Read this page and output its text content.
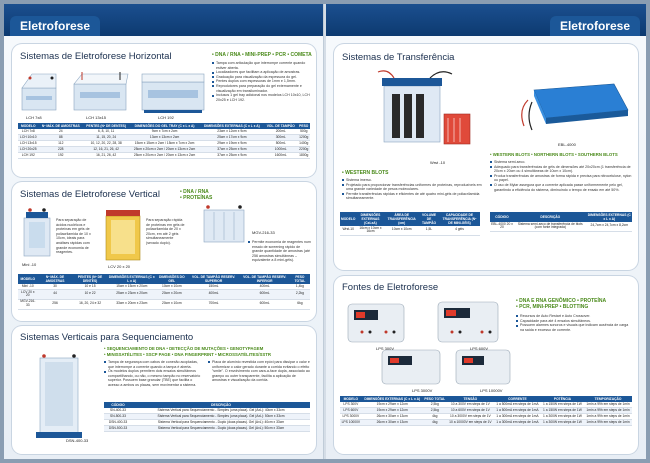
Eletroforese
Sistemas de Eletroforese Horizontal	• DNA / RNA • MINI-PREP • PCR • COMETA
Tampa com articulação que interrompe corrente quando estiver aberta.
Localizadores que facilitam a aplicação de amostras.
Graduação para visualização da espessura do gel.
Pentes duplos com espessuras de 1mm e 1,5mm.
Reprodutores para preparação do gel externamente e visualização em transiluminador.
Inclusos 1 gel tray adicional nos modelos LCH 10x10, LCH 20x25 e LCH 192.
LCH 7x8	LCH 13x15	LCH 192
MODELO	Nº MÁX. DE AMOSTRAS	PENTES (Nº DE DENTES)	DIMENSÕES DO GEL TRAY (C x L x A)	DIMENSÕES EXTERNAS (C x L x A)	VOL. DE TAMPÃO	PESO
LCH 7x8	24	6, 8, 10, 11	9cm x 7cm x 2cm	23cm x 12cm x 9cm	200mL	500g
LCH 10x10	88	11, 15, 20, 24	13cm x 13cm x 2cm	25cm x 17cm x 9cm	300mL	1200g
LCH 13x15	112	10, 12, 20, 22, 28, 38	15cm x 15cm x 2cm / 15cm x 7cm x 2cm	29cm x 19cm x 9cm	500mL	1400g
LCH 20x25	228	12, 16, 21, 26, 42	25cm x 20cm x 2cm / 20cm x 13cm x 2cm	37cm x 25cm x 9cm	1000mL	2200g
LCH 192	192	16, 21, 26, 42	25cm x 20cm x 2cm / 20cm x 13cm x 2cm	37cm x 25cm x 9cm	1600mL	1800g
Sistemas de Eletroforese Vertical	• DNA / RNA
• PROTEÍNAS
Para separação de ácidos nucléicos e proteínas em géis de poliacrilamida de 10 x 10cm, ideais para análises rápidas com grande economia de reagentes.
Para separação rápida de proteínas em géis de poliacrilamida de 20 x 20cm, em até 2 géis simultaneamente (sexado duplo).
MGV-216-33
Permite economia de reagentes num ensaio de screening rápido de grande quantidade de amostras (até 256 amostras simultâneas – equivalente a 8 mini-géis).
Mini -10	LCV 20 x 20
MODELO	Nº MÁX. DE AMOSTRAS	PENTES (Nº DE DENTES)	DIMENSÕES EXTERNAS (C x L x A)	DIMENSÕES DO GEL	VOL. DE TAMPÃO RESERV. SUPERIOR	VOL. DE TAMPÃO RESERV. INFERIOR	PESO TOTAL
Mini -10	30	10 e 15	15cm x 15cm x 20cm	10cm x 10cm	150mL	400mL	1,4kg
LCV 20 x 20	44	10 e 22	25cm x 23cm x 20cm	20cm x 20cm	400mL	600mL	2,2kg
MGV-216-33	256	16, 20, 24 e 32	33cm x 20cm x 23cm	20cm x 10cm	700mL	600mL	6kg
Sistemas Verticais para Sequenciamento
• SEQUENCIAMENTO DE DNA • DETECÇÃO DE MUTAÇÕES • GENOTYPAGEM
• MINISSATÉLITES • SSCP PAGE • DNA FINGERPRINT • MICROSSATÉLITES/SSTR
DSN-400-33
Tampa de segurança com cabos de conexão acopladas, que interrompe a corrente quando a tampa é aberta.
Os modelos duplos permitem dois ensaios simultâneos compartilhando, ou não, o mesmo tampão no reservatório superior. Possuem base granular (TBE) que facilita o acesso a ambos os placas, sem movimentar a sistema.
Placa de alumínio revestida com epóxi para dissipar o calor e uniformizar o calor gerado durante a corrida evitando o efeito "smile". O envolvimento com cara-a-face dupla, associado ao grampo ou outer transparente, facilita a aplicação de amostras e visualização da corrida.
CÓDIGO	DESCRIÇÃO
SN-400-33	Sistema Vertical para Sequenciamento - Simples (uma placa). Gel (AxL): 40cm x 33cm
SN-500-33	Sistema Vertical para Sequenciamento - Simples (uma placa). Gel (AxL): 50cm x 33cm
DSN-400-33	Sistema Vertical para Sequenciamento - Duplo (duas placas). Gel (AxL): 40cm x 33cm
DSN-500-33	Sistema Vertical para Sequenciamento - Duplo (duas placas). Gel (AxL): 50cm x 33cm
Eletroforese
Sistemas de Transferência
Wrst -10
EBL-4000
• WESTERN BLOTS
Sistema imerso.
Projetado para proporcionar transferências uniformes de proteínas, reproduzíveis em uma grande variedade de pesos moleculares.
Permite transferências rápidas e eficientes de até quatro mini-géis de poliacrilamida simultaneamente.
• WESTERN BLOTS • NORTHERN BLOTS • SOUTHERN BLOTS
Sistema semi-seco.
Adequado para transferências de géis de dimensões até 20x20cm (1 transferência de 20cm x 20cm ou 4 simultâneas de 10cm x 10cm).
Produz transferências de amostras de forma rápida e precisa para nitrocelulose, nylon ou papel.
O uso de Mylar assegura que a corrente aplicada passe uniformemente pelo gel, garantindo a eficiência do sistema, diminuindo o tempo de ensaio em até 50%.
MODELO	DIMENSÕES EXTERNAS (CxLxA)	ÁREA DE TRANSFERÊNCIA (cm)	VOLUME DE TAMPÃO	CAPACIDADE DE TRANSFERÊNCIA (Nº DE MINI-GÉIS)
Wrst-10	16cm x 10cm x 16cm	10cm x 10cm	1,5L	4 géis
CÓDIGO	DESCRIÇÃO	DIMENSÕES EXTERNAS (C x L x A)
EBL-4000 20 x 20	Sistema semi-seco de transferência de blots (com fonte integrada)	24,7cm x 24,7cm x 8,2cm
Fontes de Eletroforese
LPS 300V	LPS 600V
LPS 3000V	LPS 10000V
• DNA E RNA GENÔMICO • PROTEÍNA
• PCR, MINI-PREP • BLOTTING
Recursos de Auto Restart e Auto Crossover.
Capacidade para até 4 ensaios simultâneos.
Possuem alarmes sonoros e visuais que indicam ausência de carga na saída e excesso de corrente.
MODELO	DIMENSÕES EXTERNAS (C x L x A)	PESO TOTAL	TENSÃO	CORRENTE	POTÊNCIA	TEMPORIZAÇÃO
LPS 300V	19cm x 29cm x 12cm	2,5kg	10 a 300V em steps de 1V	1 a 500mA em steps de 1mA	1 a 150W em steps de 1W	1min a 99h em steps de 1min
LPS 600V	19cm x 29cm x 12cm	2,5kg	10 a 600V em steps de 1V	1 a 500mA em steps de 1mA	1 a 150W em steps de 1W	1min a 99h em steps de 1min
LPS 3000V	26cm x 30cm x 13cm	4kg	10 a 3000V em steps de 1V	1 a 300mA em steps de 1mA	1 a 300W em steps de 1W	1min a 99h em steps de 1min
LPS 10000V	26cm x 30cm x 13cm	4kg	10 a 10000V em steps de 1V	1 a 300mA em steps de 1mA	1 a 300W em steps de 1W	1min a 99h em steps de 1min
